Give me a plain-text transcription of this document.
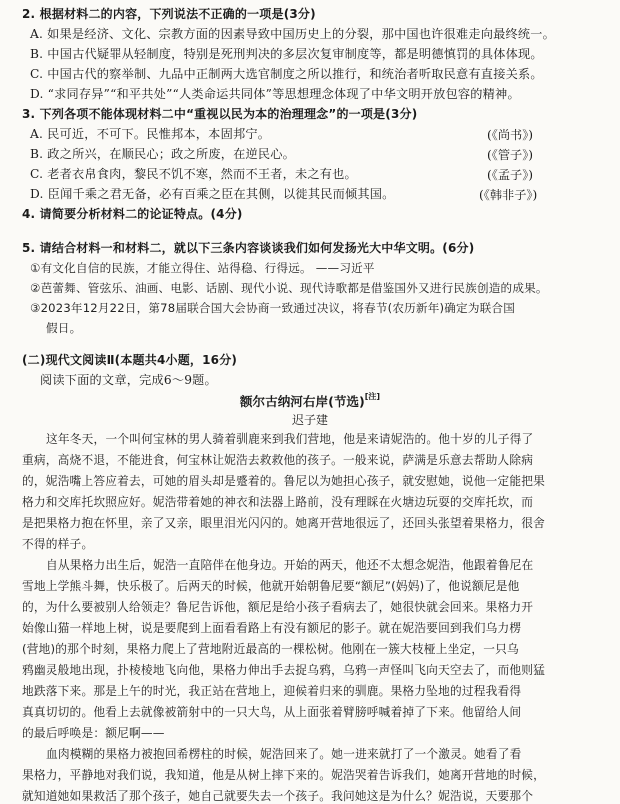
2. 根据材料二的内容，下列说法不正确的一项是(3分)
A. 如果是经济、文化、宗教方面的因素导致中国历史上的分裂，那中国也许很难走向最终统一。
B. 中国古代疑罪从轻制度，特别是死刑判决的多层次复审制度等，都是明德慎罚的具体体现。
C. 中国古代的察举制、九品中正制两大选官制度之所以推行，和统治者听取民意有直接关系。
D. “求同存异”“和平共处”“人类命运共同体”等思想理念体现了中华文明开放包容的精神。
3. 下列各项不能体现材料二中“重视以民为本的治理理念”的一项是(3分)
A. 民可近，不可下。民惟邦本，本固邦宁。	(《尚书》)
B. 政之所兴，在顺民心；政之所废，在逆民心。	(《管子》)
C. 老者衣帛食肉，黎民不饥不寒，然而不王者，未之有也。	(《孟子》)
D. 臣闻千乘之君无备，必有百乘之臣在其侧，以徙其民而倾其国。	(《韩非子》)
4. 请简要分析材料二的论证特点。(4分)
5. 请结合材料一和材料二，就以下三条内容谈谈我们如何发扬光大中华文明。(6分)
①有文化自信的民族，才能立得住、站得稳、行得远。 ——习近平
②芭蕾舞、管弦乐、油画、电影、话剧、现代小说、现代诗歌都是借鉴国外又进行民族创造的成果。
③2023年12月22日，第78届联合国大会协商一致通过决议，将春节(农历新年)确定为联合国
假日。
(二)现代文阅读Ⅱ(本题共4小题，16分)
阅读下面的文章，完成6～9题。
额尔古纳河右岸(节选)[注]
迟子建
这年冬天，一个叫何宝林的男人骑着驯鹿来到我们营地，他是来请妮浩的。他十岁的儿子得了
重病，高烧不退，不能进食，何宝林让妮浩去救救他的孩子。一般来说，萨满是乐意去帮助人除病
的，妮浩嘴上答应着去，可她的眉头却是蹙着的。鲁尼以为她担心孩子，就安慰她，说他一定能把果
格力和交库托坎照应好。妮浩带着她的神衣和法器上路前，没有理睬在火塘边玩耍的交库托坎，而
是把果格力抱在怀里，亲了又亲，眼里泪光闪闪的。她离开营地很远了，还回头张望着果格力，很舍
不得的样子。
自从果格力出生后，妮浩一直陪伴在他身边。开始的两天，他还不太想念妮浩，他跟着鲁尼在
雪地上学熊斗舞，快乐极了。后两天的时候，他就开始朝鲁尼要“额尼”(妈妈)了，他说额尼是他
的，为什么要被别人给领走？鲁尼告诉他，额尼是给小孩子看病去了，她很快就会回来。果格力开
始像山猫一样地上树，说是要爬到上面看看路上有没有额尼的影子。就在妮浩要回到我们乌力楞
(营地)的那个时刻，果格力爬上了营地附近最高的一棵松树。他刚在一簇大枝桠上坐定，一只乌
鸦幽灵般地出现，扑棱棱地飞向他，果格力伸出手去捉乌鸦，乌鸦一声怪叫飞向天空去了，而他则猛
地跌落下来。那是上午的时光，我正站在营地上，迎候着归来的驯鹿。果格力坠地的过程我看得
真真切切的。他看上去就像被箭射中的一只大鸟，从上面张着臂膀呼喊着掉了下来。他留给人间
的最后呼唤是：额尼啊——
血肉模糊的果格力被抱回希楞柱的时候，妮浩回来了。她一进来就打了一个激灵。她看了看
果格力，平静地对我们说，我知道，他是从树上摔下来的。妮浩哭着告诉我们，她离开营地的时候，
就知道她如果救活了那个孩子，她自己就要失去一个孩子。我问她这是为什么？妮浩说，天要那个
